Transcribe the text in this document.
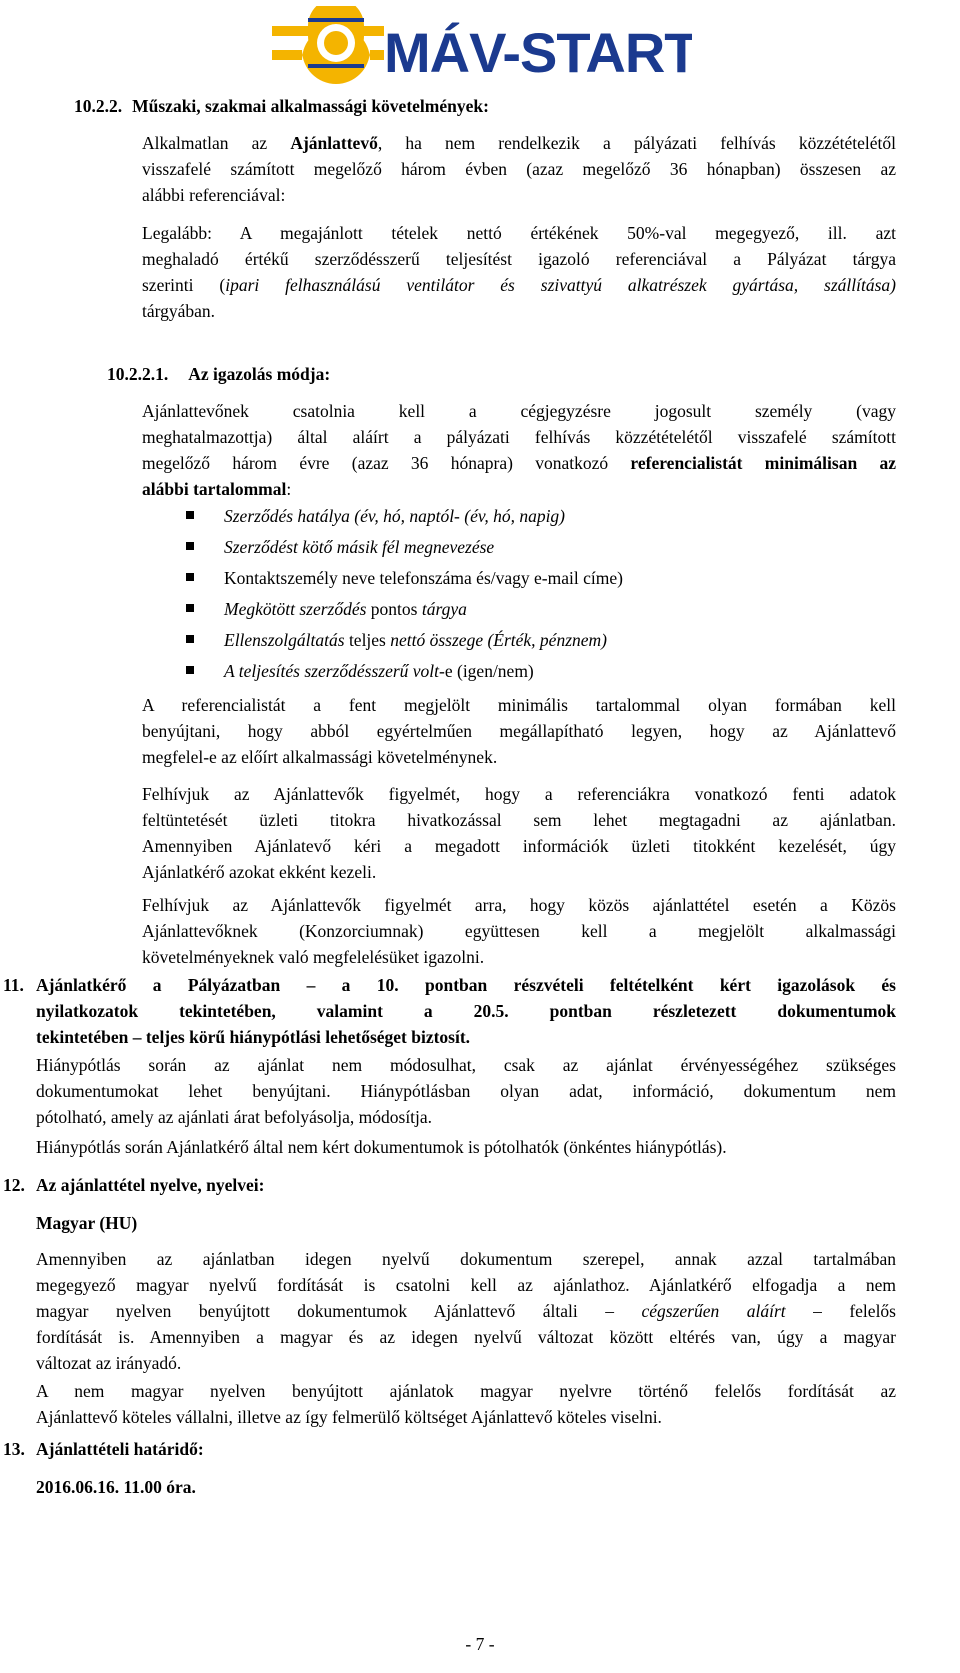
MÁV-START
10.2.2. Műszaki, szakmai alkalmassági követelmények:
Alkalmatlan az Ajánlattevő, ha nem rendelkezik a pályázati felhívás közzétételétől
visszafelé számított megelőző három évben (azaz megelőző 36 hónapban) összesen az
alábbi referenciával:
Legalább: A megajánlott tételek nettó értékének 50%-val megegyező, ill. azt
meghaladó értékű szerződésszerű teljesítést igazoló referenciával a Pályázat tárgya
szerinti (ipari felhasználású ventilátor és szivattyú alkatrészek gyártása, szállítása)
tárgyában.
10.2.2.1. Az igazolás módja:
Ajánlattevőnek csatolnia kell a cégjegyzésre jogosult személy (vagy
meghatalmazottja) által aláírt a pályázati felhívás közzétételétől visszafelé számított
megelőző három évre (azaz 36 hónapra) vonatkozó referencialistát minimálisan az
alábbi tartalommal:
Szerződés hatálya (év, hó, naptól- (év, hó, napig)
Szerződést kötő másik fél megnevezése
Kontaktszemély neve telefonszáma és/vagy e-mail címe)
Megkötött szerződés pontos tárgya
Ellenszolgáltatás teljes nettó összege (Érték, pénznem)
A teljesítés szerződésszerű volt-e (igen/nem)
A referencialistát a fent megjelölt minimális tartalommal olyan formában kell
benyújtani, hogy abból egyértelműen megállapítható legyen, hogy az Ajánlattevő
megfelel-e az előírt alkalmassági követelménynek.
Felhívjuk az Ajánlattevők figyelmét, hogy a referenciákra vonatkozó fenti adatok
feltüntetését üzleti titokra hivatkozással sem lehet megtagadni az ajánlatban.
Amennyiben Ajánlatevő kéri a megadott információk üzleti titokként kezelését, úgy
Ajánlatkérő azokat ekként kezeli.
Felhívjuk az Ajánlattevők figyelmét arra, hogy közös ajánlattétel esetén a Közös
Ajánlattevőknek (Konzorciumnak) együttesen kell a megjelölt alkalmassági
követelményeknek való megfelelésüket igazolni.
11. Ajánlatkérő a Pályázatban – a 10. pontban részvételi feltételként kért igazolások és
nyilatkozatok tekintetében, valamint a 20.5. pontban részletezett dokumentumok
tekintetében – teljes körű hiánypótlási lehetőséget biztosít.
Hiánypótlás során az ajánlat nem módosulhat, csak az ajánlat érvényességéhez szükséges
dokumentumokat lehet benyújtani. Hiánypótlásban olyan adat, információ, dokumentum nem
pótolható, amely az ajánlati árat befolyásolja, módosítja.
Hiánypótlás során Ajánlatkérő által nem kért dokumentumok is pótolhatók (önkéntes hiánypótlás).
12. Az ajánlattétel nyelve, nyelvei:
Magyar (HU)
Amennyiben az ajánlatban idegen nyelvű dokumentum szerepel, annak azzal tartalmában
megegyező magyar nyelvű fordítását is csatolni kell az ajánlathoz. Ajánlatkérő elfogadja a nem
magyar nyelven benyújtott dokumentumok Ajánlattevő általi – cégszerűen aláírt – felelős
fordítását is. Amennyiben a magyar és az idegen nyelvű változat között eltérés van, úgy a magyar
változat az irányadó.
A nem magyar nyelven benyújtott ajánlatok magyar nyelvre történő felelős fordítását az
Ajánlattevő köteles vállalni, illetve az így felmerülő költséget Ajánlattevő köteles viselni.
13. Ajánlattételi határidő:
2016.06.16. 11.00 óra.
- 7 -
